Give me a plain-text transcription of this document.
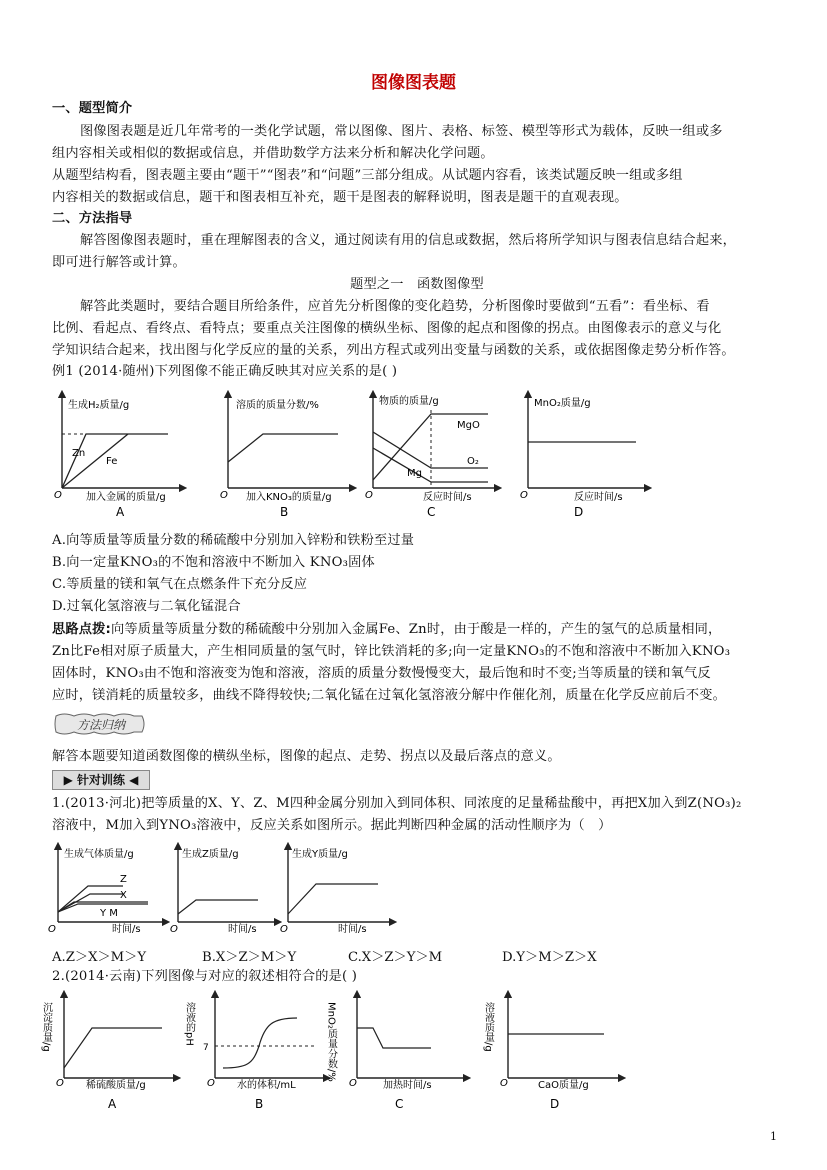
图像图表题
一、题型简介
图像图表题是近几年常考的一类化学试题，常以图像、图片、表格、标签、模型等形式为载体，反映一组或多
组内容相关或相似的数据或信息，并借助数学方法来分析和解决化学问题。
从题型结构看，图表题主要由“题干”“图表”和“问题”三部分组成。从试题内容看，该类试题反映一组或多组
内容相关的数据或信息，题干和图表相互补充，题干是图表的解释说明，图表是题干的直观表现。
二、方法指导
解答图像图表题时，重在理解图表的含义，通过阅读有用的信息或数据，然后将所学知识与图表信息结合起来，
即可进行解答或计算。
题型之一　函数图像型
解答此类题时，要结合题目所给条件，应首先分析图像的变化趋势，分析图像时要做到“五看”：看坐标、看
比例、看起点、看终点、看特点；要重点关注图像的横纵坐标、图像的起点和图像的拐点。由图像表示的意义与化
学知识结合起来，找出图与化学反应的量的关系，列出方程式或列出变量与函数的关系，或依据图像走势分析作答。
例1 (2014·随州)下列图像不能正确反映其对应关系的是( )
生成H₂质量/g
Zn
Fe
O 加入金属的质量/g
A
溶质的质量分数/%
O 加入KNO₃的质量/g
B
物质的质量/g
MgO
O₂
Mg
O	反应时间/s
C
MnO₂质量/g
O	反应时间/s
D
A.向等质量等质量分数的稀硫酸中分别加入锌粉和铁粉至过量
B.向一定量KNO₃的不饱和溶液中不断加入 KNO₃固体
C.等质量的镁和氧气在点燃条件下充分反应
D.过氧化氢溶液与二氧化锰混合
思路点拨:向等质量等质量分数的稀硫酸中分别加入金属Fe、Zn时，由于酸是一样的，产生的氢气的总质量相同，
Zn比Fe相对原子质量大，产生相同质量的氢气时，锌比铁消耗的多;向一定量KNO₃的不饱和溶液中不断加入KNO₃
固体时，KNO₃由不饱和溶液变为饱和溶液，溶质的质量分数慢慢变大，最后饱和时不变;当等质量的镁和氧气反
应时，镁消耗的质量较多，曲线不降得较快;二氧化锰在过氧化氢溶液分解中作催化剂，质量在化学反应前后不变。
方法归纳
解答本题要知道函数图像的横纵坐标，图像的起点、走势、拐点以及最后落点的意义。
▶ 针对训练 ◀
1.(2013·河北)把等质量的X、Y、Z、M四种金属分别加入到同体积、同浓度的足量稀盐酸中，再把X加入到Z(NO₃)₂
溶液中，M加入到YNO₃溶液中，反应关系如图所示。据此判断四种金属的活动性顺序为（　）
生成气体质量/g
Z
X
Y M
O	时间/s
生成Z质量/g
O	时间/s
生成Y质量/g
O	时间/s
A.Z＞X＞M＞Y	B.X＞Z＞M＞Y	C.X＞Z＞Y＞M	D.Y＞M＞Z＞X
2.(2014·云南)下列图像与对应的叙述相符合的是( )
沉淀质量/g
O 稀硫酸质量/g
A
溶液的pH
7
O 水的体积/mL
B
MnO₂质量分数/%
O	加热时间/s
C
溶液质量/g
O	CaO质量/g
D
1
